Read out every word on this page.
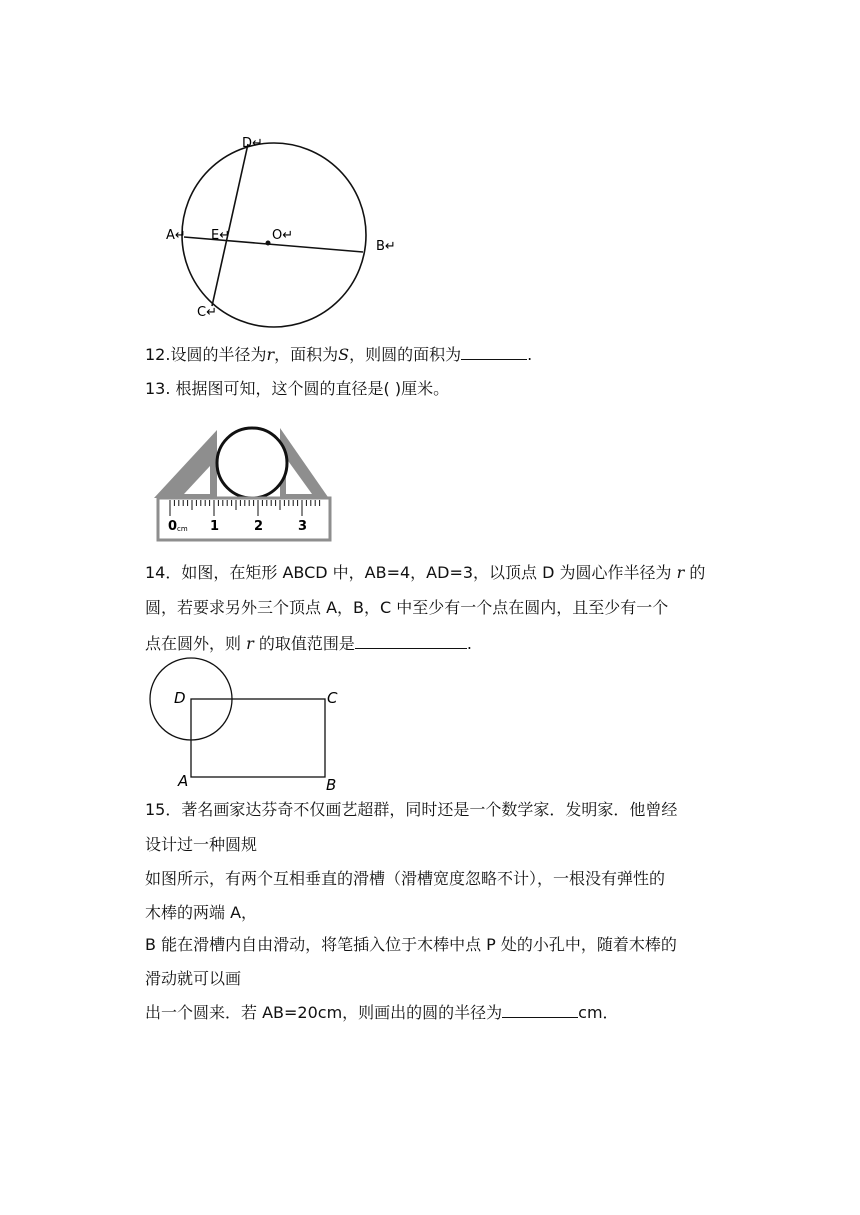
D↵
A↵ E↵	O↵
B↵
C↵
12.设圆的半径为r，面积为S，则圆的面积为	.
13. 根据图可知，这个圆的直径是( )厘米。
0 cm 1	2	3
14．如图，在矩形 ABCD 中，AB=4，AD=3，以顶点 D 为圆心作半径为 r 的
圆，若要求另外三个顶点 A，B，C 中至少有一个点在圆内，且至少有一个
点在圆外，则 r 的取值范围是	.
D	C
A	B
15．著名画家达芬奇不仅画艺超群，同时还是一个数学家．发明家．他曾经
设计过一种圆规
如图所示，有两个互相垂直的滑槽（滑槽宽度忽略不计），一根没有弹性的
木棒的两端 A，
B 能在滑槽内自由滑动，将笔插入位于木棒中点 P 处的小孔中，随着木棒的
滑动就可以画
出一个圆来．若 AB=20cm，则画出的圆的半径为	cm．
